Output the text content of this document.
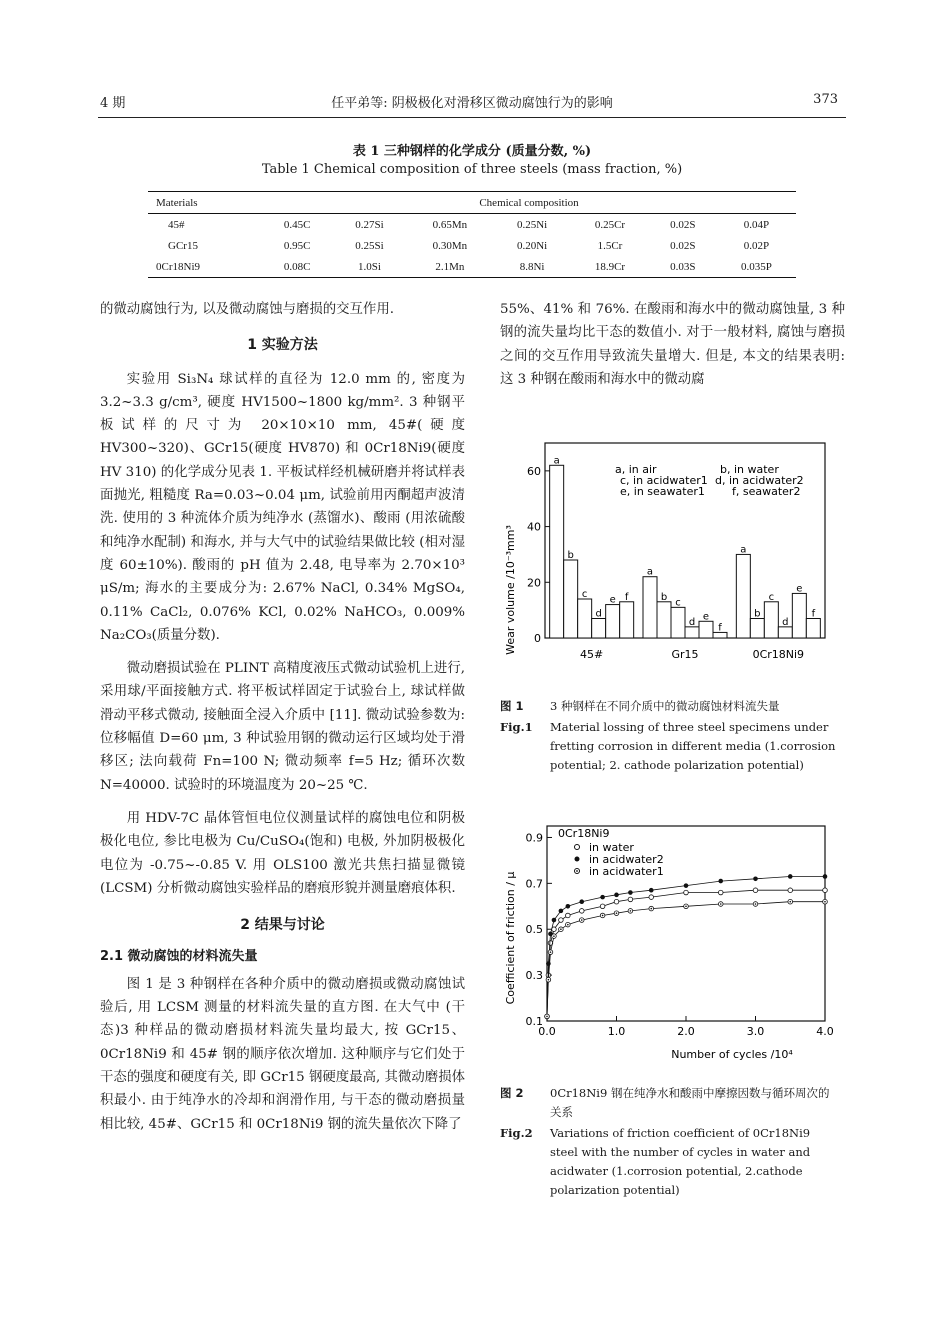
4 期	任平弟等: 阴极极化对滑移区微动腐蚀行为的影响	373
表 1 三种钢样的化学成分 (质量分数, %)
Table 1 Chemical composition of three steels (mass fraction, %)
Materials	Chemical composition						
45#	0.45C	0.27Si	0.65Mn	0.25Ni	0.25Cr	0.02S	0.04P
GCr15	0.95C	0.25Si	0.30Mn	0.20Ni	1.5Cr	0.02S	0.02P
0Cr18Ni9	0.08C	1.0Si	2.1Mn	8.8Ni	18.9Cr	0.03S	0.035P

的微动腐蚀行为, 以及微动腐蚀与磨损的交互作用.

1 实验方法

实验用 Si₃N₄ 球试样的直径为 12.0 mm 的, 密度为 3.2~3.3 g/cm³, 硬度 HV1500~1800 kg/mm². 3 种钢平板试样的尺寸为 20×10×10 mm, 45#(硬度 HV300~320)、GCr15(硬度 HV870) 和 0Cr18Ni9(硬度 HV 310) 的化学成分见表 1. 平板试样经机械研磨并将试样表面抛光, 粗糙度 Ra=0.03~0.04 μm, 试验前用丙酮超声波清洗. 使用的 3 种流体介质为纯净水 (蒸馏水)、酸雨 (用浓硫酸和纯净水配制) 和海水, 并与大气中的试验结果做比较 (相对湿度 60±10%). 酸雨的 pH 值为 2.48, 电导率为 2.70×10³ μS/m; 海水的主要成分为: 2.67% NaCl, 0.34% MgSO₄, 0.11% CaCl₂, 0.076% KCl, 0.02% NaHCO₃, 0.009% Na₂CO₃(质量分数).

微动磨损试验在 PLINT 高精度液压式微动试验机上进行, 采用球/平面接触方式. 将平板试样固定于试验台上, 球试样做滑动平移式微动, 接触面全浸入介质中 [11]. 微动试验参数为: 位移幅值 D=60 μm, 3 种试验用钢的微动运行区域均处于滑移区; 法向载荷 Fn=100 N; 微动频率 f=5 Hz; 循环次数 N=40000. 试验时的环境温度为 20~25 ℃.

用 HDV-7C 晶体管恒电位仪测量试样的腐蚀电位和阴极极化电位, 参比电极为 Cu/CuSO₄(饱和) 电极, 外加阴极极化电位为 -0.75~-0.85 V. 用 OLS100 激光共焦扫描显微镜 (LCSM) 分析微动腐蚀实验样品的磨痕形貌并测量磨痕体积.

2 结果与讨论

2.1 微动腐蚀的材料流失量

图 1 是 3 种钢样在各种介质中的微动磨损或微动腐蚀试验后, 用 LCSM 测量的材料流失量的直方图. 在大气中 (干态)3 种样品的微动磨损材料流失量均最大, 按 GCr15、0Cr18Ni9 和 45# 钢的顺序依次增加. 这种顺序与它们处于干态的强度和硬度有关, 即 GCr15 钢硬度最高, 其微动磨损体积最小. 由于纯净水的冷却和润滑作用, 与干态的微动磨损量相比较, 45#、GCr15 和 0Cr18Ni9 钢的流失量依次下降了

55%、41% 和 76%. 在酸雨和海水中的微动腐蚀量, 3 种钢的流失量均比干态的数值小. 对于一般材料, 腐蚀与磨损之间的交互作用导致流失量增大. 但是, 本文的结果表明: 这 3 种钢在酸雨和海水中的微动腐

0
20
40
60
45#	Gr15	0Cr18Ni9
a
b
c
d
e f
a
b
c
d
e
f
a
b
c
d
e
f
a, in air	b, in water
c, in acidwater1 d, in acidwater2
e, in seawater1 f, seawater2
Wear volume /10⁻³mm³
图 1 3 种钢样在不同介质中的微动腐蚀材料流失量
Fig.1 Material lossing of three steel specimens under fretting corrosion in different media (1.corrosion potential; 2. cathode polarization potential)
0.0	1.0	2.0	3.0	4.0
0.1
0.3
0.5
0.7
0.9 0Cr18Ni9
in water
in acidwater2
in acidwater1
Number of cycles /10⁴
Coefficient of friction / μ
图 2 0Cr18Ni9 钢在纯净水和酸雨中摩擦因数与循环周次的关系
Fig.2 Variations of friction coefficient of 0Cr18Ni9 steel with the number of cycles in water and acidwater (1.corrosion potential, 2.cathode polarization potential)
